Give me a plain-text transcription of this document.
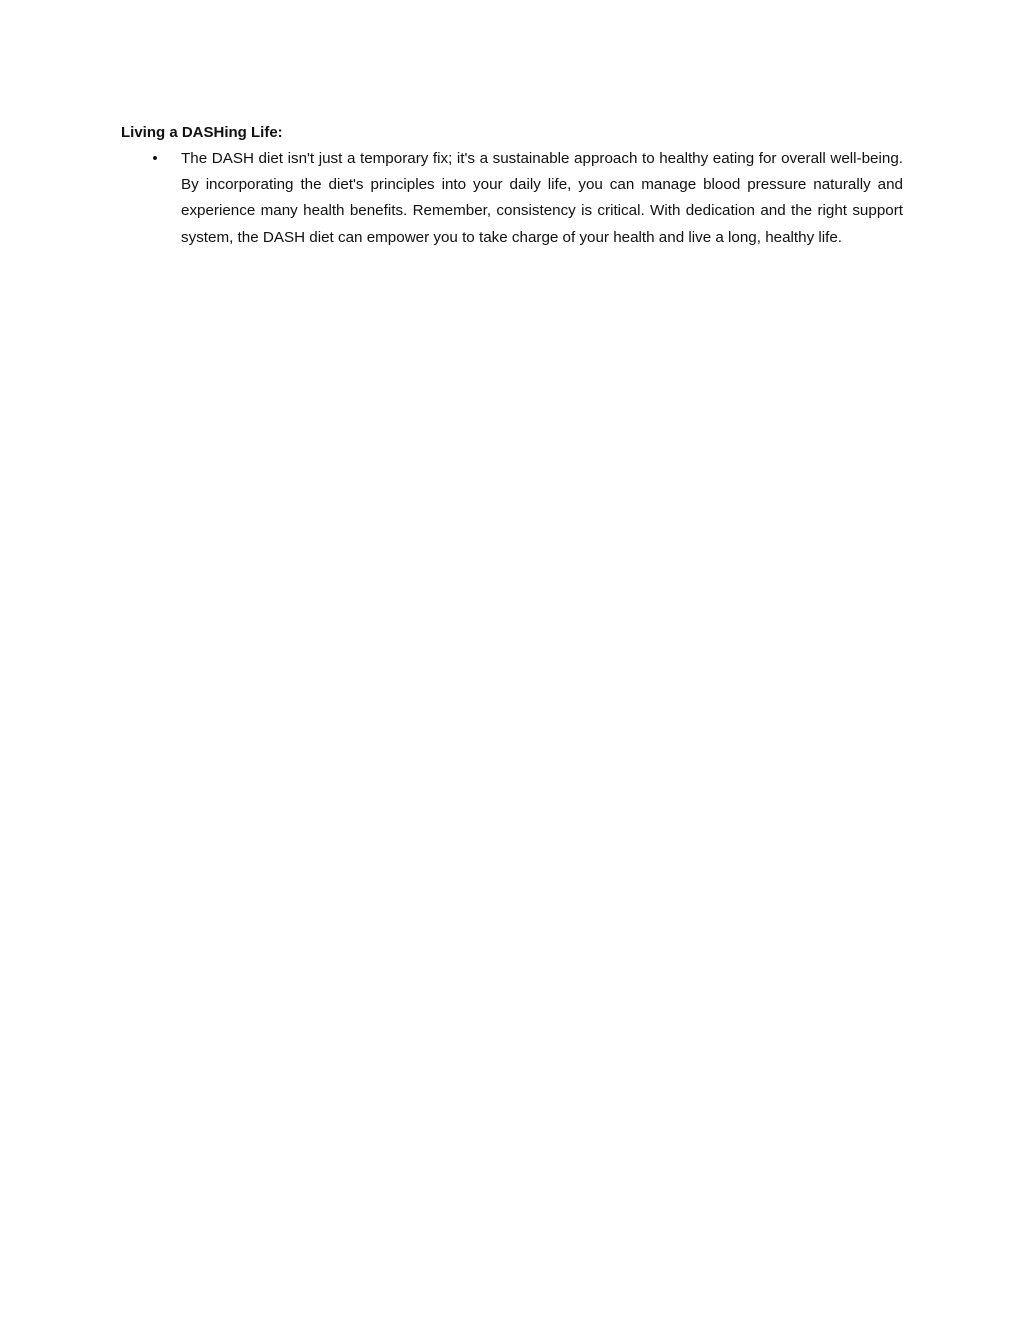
Living a DASHing Life:

• The DASH diet isn't just a temporary fix; it's a sustainable approach to healthy eating for overall well-being. By incorporating the diet's principles into your daily life, you can manage blood pressure naturally and experience many health benefits. Remember, consistency is critical. With dedication and the right support system, the DASH diet can empower you to take charge of your health and live a long, healthy life.
